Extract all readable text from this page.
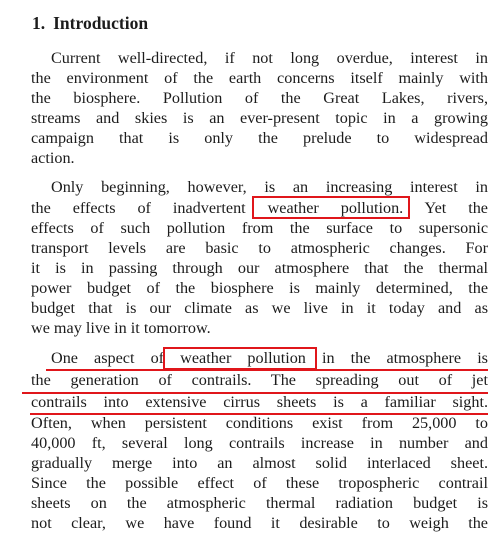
1. Introduction
Current well-directed, if not long overdue, interest in
the environment of the earth concerns itself mainly with
the biosphere. Pollution of the Great Lakes, rivers,
streams and skies is an ever-present topic in a growing
campaign that is only the prelude to widespread
action.
Only beginning, however, is an increasing interest in
the effects of inadvertent weather pollution. Yet the
effects of such pollution from the surface to supersonic
transport levels are basic to atmospheric changes. For
it is in passing through our atmosphere that the thermal
power budget of the biosphere is mainly determined, the
budget that is our climate as we live in it today and as
we may live in it tomorrow.
One aspect of weather pollution in the atmosphere is
the generation of contrails. The spreading out of jet
contrails into extensive cirrus sheets is a familiar sight.
Often, when persistent conditions exist from 25,000 to
40,000 ft, several long contrails increase in number and
gradually merge into an almost solid interlaced sheet.
Since the possible effect of these tropospheric contrail
sheets on the atmospheric thermal radiation budget is
not clear, we have found it desirable to weigh the
